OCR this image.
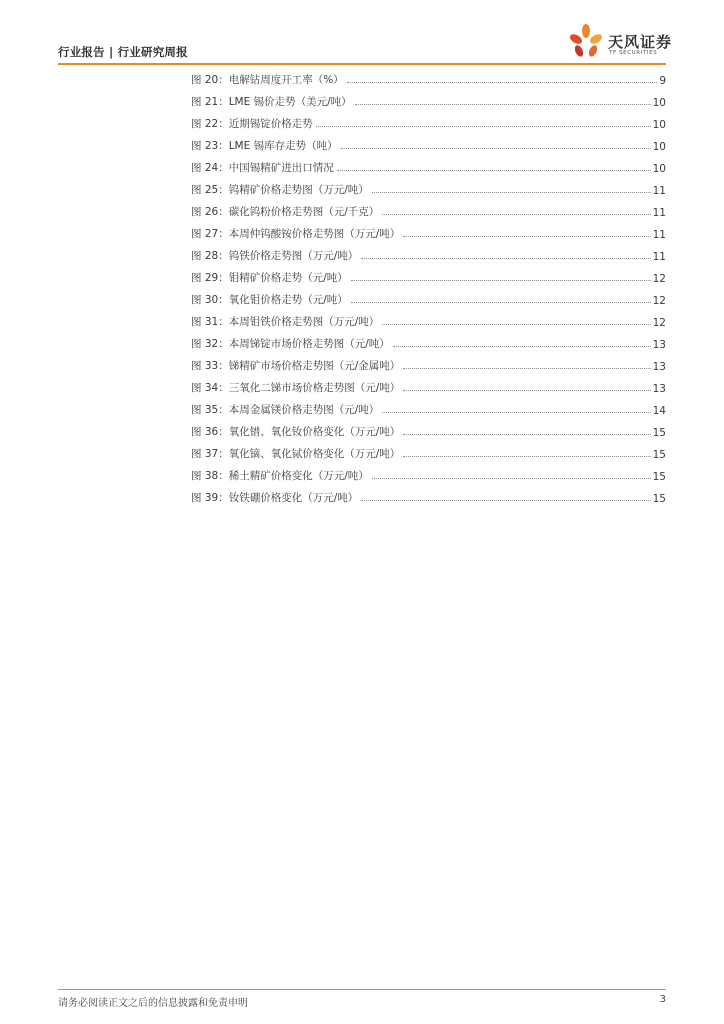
行业报告 | 行业研究周报
天风证券
TF SECURITIES
图 20：电解钴周度开工率（%）	9
图 21：LME 锡价走势（美元/吨）	10
图 22：近期锡锭价格走势	10
图 23：LME 锡库存走势（吨）	10
图 24：中国锡精矿进出口情况	10
图 25：钨精矿价格走势图（万元/吨）	11
图 26：碳化钨粉价格走势图（元/千克）	11
图 27：本周仲钨酸铵价格走势图（万元/吨）	11
图 28：钨铁价格走势图（万元/吨）	11
图 29：钼精矿价格走势（元/吨）	12
图 30：氧化钼价格走势（元/吨）	12
图 31：本周钼铁价格走势图（万元/吨）	12
图 32：本周锑锭市场价格走势图（元/吨）	13
图 33：锑精矿市场价格走势图（元/金属吨）	13
图 34：三氧化二锑市场价格走势图（元/吨）	13
图 35：本周金属镁价格走势图（元/吨）	14
图 36：氧化镨、氧化钕价格变化（万元/吨）	15
图 37：氧化镝、氧化铽价格变化（万元/吨）	15
图 38：稀土精矿价格变化（万元/吨）	15
图 39：钕铁硼价格变化（万元/吨）	15
请务必阅读正文之后的信息披露和免责申明	3
